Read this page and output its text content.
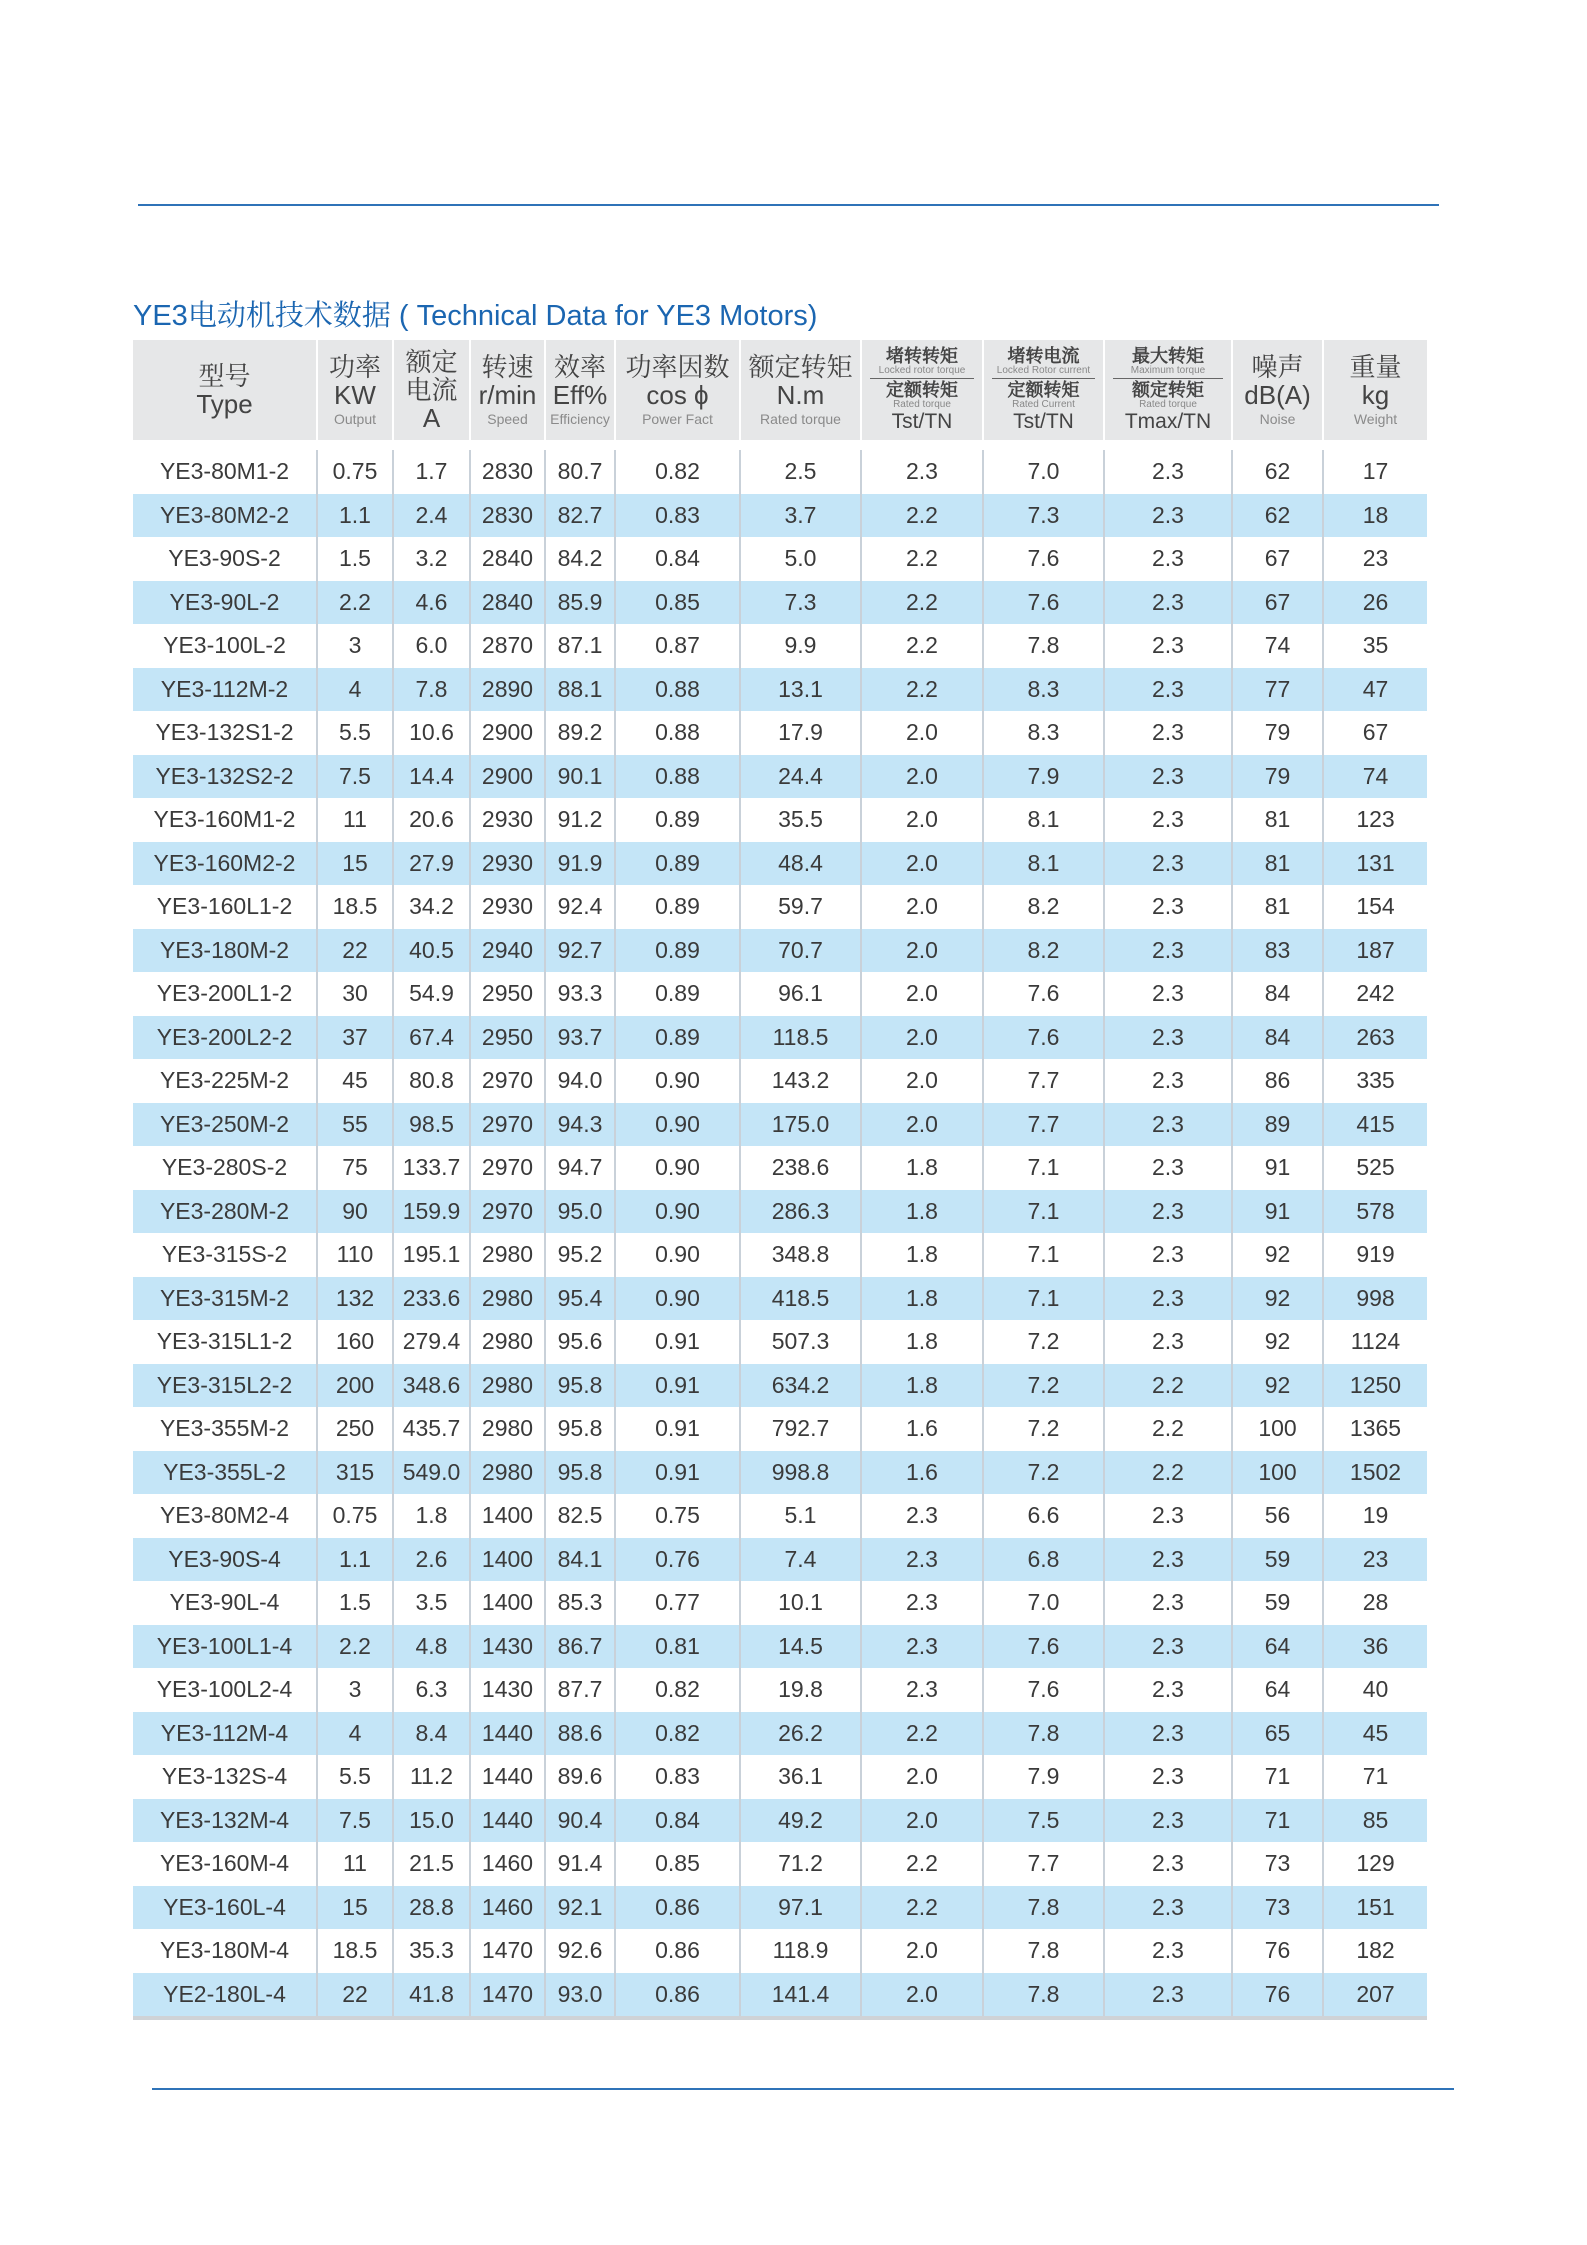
YE3电动机技术数据 ( Technical Data for YE3 Motors)
型号
Type	功率
KW
Output	额定
电流
A	转速
r/min
Speed	效率
Eff%
Efficiency	功率因数
cos ϕ
Power Fact	额定转矩
N.m
Rated torque	堵转转矩
Locked rotor torque
定额转矩
Rated torque
Tst/TN	堵转电流
Locked Rotor current
定额转矩
Rated Current
Tst/TN	最大转矩
Maximum torque
额定转矩
Rated torque
Tmax/TN	噪声
dB(A)
Noise	重量
kg
Weight

YE3-80M1-2	0.75	1.7	2830	80.7	0.82	2.5	2.3	7.0	2.3	62	17
YE3-80M2-2	1.1	2.4	2830	82.7	0.83	3.7	2.2	7.3	2.3	62	18
YE3-90S-2	1.5	3.2	2840	84.2	0.84	5.0	2.2	7.6	2.3	67	23
YE3-90L-2	2.2	4.6	2840	85.9	0.85	7.3	2.2	7.6	2.3	67	26
YE3-100L-2	3	6.0	2870	87.1	0.87	9.9	2.2	7.8	2.3	74	35
YE3-112M-2	4	7.8	2890	88.1	0.88	13.1	2.2	8.3	2.3	77	47
YE3-132S1-2	5.5	10.6	2900	89.2	0.88	17.9	2.0	8.3	2.3	79	67
YE3-132S2-2	7.5	14.4	2900	90.1	0.88	24.4	2.0	7.9	2.3	79	74
YE3-160M1-2	11	20.6	2930	91.2	0.89	35.5	2.0	8.1	2.3	81	123
YE3-160M2-2	15	27.9	2930	91.9	0.89	48.4	2.0	8.1	2.3	81	131
YE3-160L1-2	18.5	34.2	2930	92.4	0.89	59.7	2.0	8.2	2.3	81	154
YE3-180M-2	22	40.5	2940	92.7	0.89	70.7	2.0	8.2	2.3	83	187
YE3-200L1-2	30	54.9	2950	93.3	0.89	96.1	2.0	7.6	2.3	84	242
YE3-200L2-2	37	67.4	2950	93.7	0.89	118.5	2.0	7.6	2.3	84	263
YE3-225M-2	45	80.8	2970	94.0	0.90	143.2	2.0	7.7	2.3	86	335
YE3-250M-2	55	98.5	2970	94.3	0.90	175.0	2.0	7.7	2.3	89	415
YE3-280S-2	75	133.7	2970	94.7	0.90	238.6	1.8	7.1	2.3	91	525
YE3-280M-2	90	159.9	2970	95.0	0.90	286.3	1.8	7.1	2.3	91	578
YE3-315S-2	110	195.1	2980	95.2	0.90	348.8	1.8	7.1	2.3	92	919
YE3-315M-2	132	233.6	2980	95.4	0.90	418.5	1.8	7.1	2.3	92	998
YE3-315L1-2	160	279.4	2980	95.6	0.91	507.3	1.8	7.2	2.3	92	1124
YE3-315L2-2	200	348.6	2980	95.8	0.91	634.2	1.8	7.2	2.2	92	1250
YE3-355M-2	250	435.7	2980	95.8	0.91	792.7	1.6	7.2	2.2	100	1365
YE3-355L-2	315	549.0	2980	95.8	0.91	998.8	1.6	7.2	2.2	100	1502
YE3-80M2-4	0.75	1.8	1400	82.5	0.75	5.1	2.3	6.6	2.3	56	19
YE3-90S-4	1.1	2.6	1400	84.1	0.76	7.4	2.3	6.8	2.3	59	23
YE3-90L-4	1.5	3.5	1400	85.3	0.77	10.1	2.3	7.0	2.3	59	28
YE3-100L1-4	2.2	4.8	1430	86.7	0.81	14.5	2.3	7.6	2.3	64	36
YE3-100L2-4	3	6.3	1430	87.7	0.82	19.8	2.3	7.6	2.3	64	40
YE3-112M-4	4	8.4	1440	88.6	0.82	26.2	2.2	7.8	2.3	65	45
YE3-132S-4	5.5	11.2	1440	89.6	0.83	36.1	2.0	7.9	2.3	71	71
YE3-132M-4	7.5	15.0	1440	90.4	0.84	49.2	2.0	7.5	2.3	71	85
YE3-160M-4	11	21.5	1460	91.4	0.85	71.2	2.2	7.7	2.3	73	129
YE3-160L-4	15	28.8	1460	92.1	0.86	97.1	2.2	7.8	2.3	73	151
YE3-180M-4	18.5	35.3	1470	92.6	0.86	118.9	2.0	7.8	2.3	76	182
YE2-180L-4	22	41.8	1470	93.0	0.86	141.4	2.0	7.8	2.3	76	207
